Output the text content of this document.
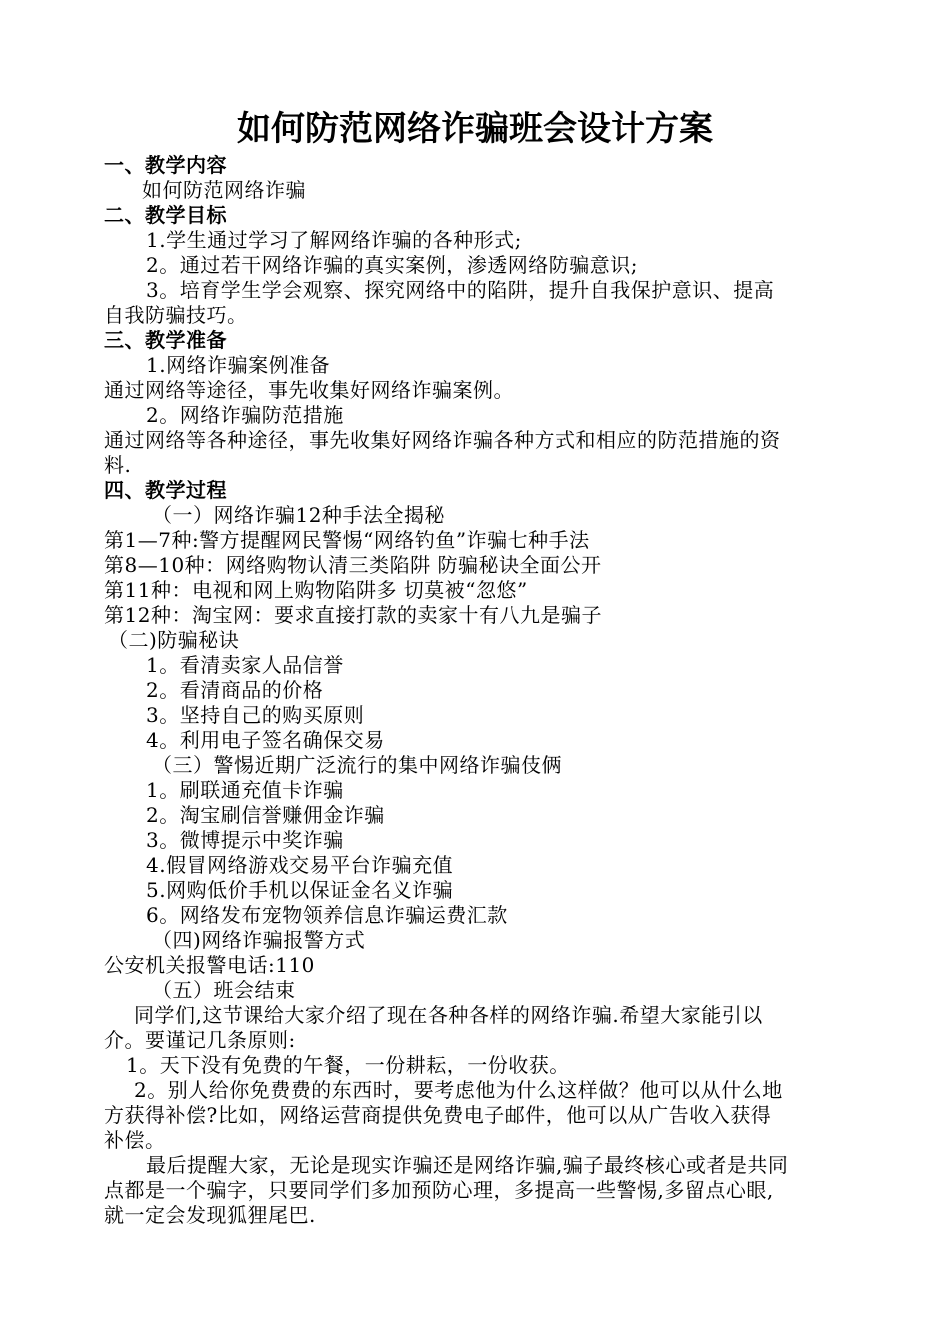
如何防范网络诈骗班会设计方案
一、教学内容
如何防范网络诈骗
二、教学目标
1.学生通过学习了解网络诈骗的各种形式;
2。通过若干网络诈骗的真实案例，渗透网络防骗意识;
3。培育学生学会观察、探究网络中的陷阱，提升自我保护意识、提高
自我防骗技巧。
三、教学准备
1.网络诈骗案例准备
通过网络等途径，事先收集好网络诈骗案例。
2。网络诈骗防范措施
通过网络等各种途径，事先收集好网络诈骗各种方式和相应的防范措施的资
料.
四、教学过程
（一）网络诈骗12种手法全揭秘
第1—7种:警方提醒网民警惕“网络钓鱼”诈骗七种手法
第8—10种：网络购物认清三类陷阱 防骗秘诀全面公开
第11种：电视和网上购物陷阱多 切莫被“忽悠”
第12种：淘宝网：要求直接打款的卖家十有八九是骗子
（二)防骗秘诀
1。看清卖家人品信誉
2。看清商品的价格
3。坚持自己的购买原则
4。利用电子签名确保交易
（三）警惕近期广泛流行的集中网络诈骗伎俩
1。刷联通充值卡诈骗
2。淘宝刷信誉赚佣金诈骗
3。微博提示中奖诈骗
4.假冒网络游戏交易平台诈骗充值
5.网购低价手机以保证金名义诈骗
6。网络发布宠物领养信息诈骗运费汇款
（四)网络诈骗报警方式
公安机关报警电话:110
（五）班会结束
同学们,这节课给大家介绍了现在各种各样的网络诈骗.希望大家能引以
介。要谨记几条原则:
1。天下没有免费的午餐，一份耕耘，一份收获。
2。别人给你免费费的东西时，要考虑他为什么这样做？他可以从什么地
方获得补偿?比如，网络运营商提供免费电子邮件，他可以从广告收入获得
补偿。
最后提醒大家，无论是现实诈骗还是网络诈骗,骗子最终核心或者是共同
点都是一个骗字，只要同学们多加预防心理，多提高一些警惕,多留点心眼,
就一定会发现狐狸尾巴.
